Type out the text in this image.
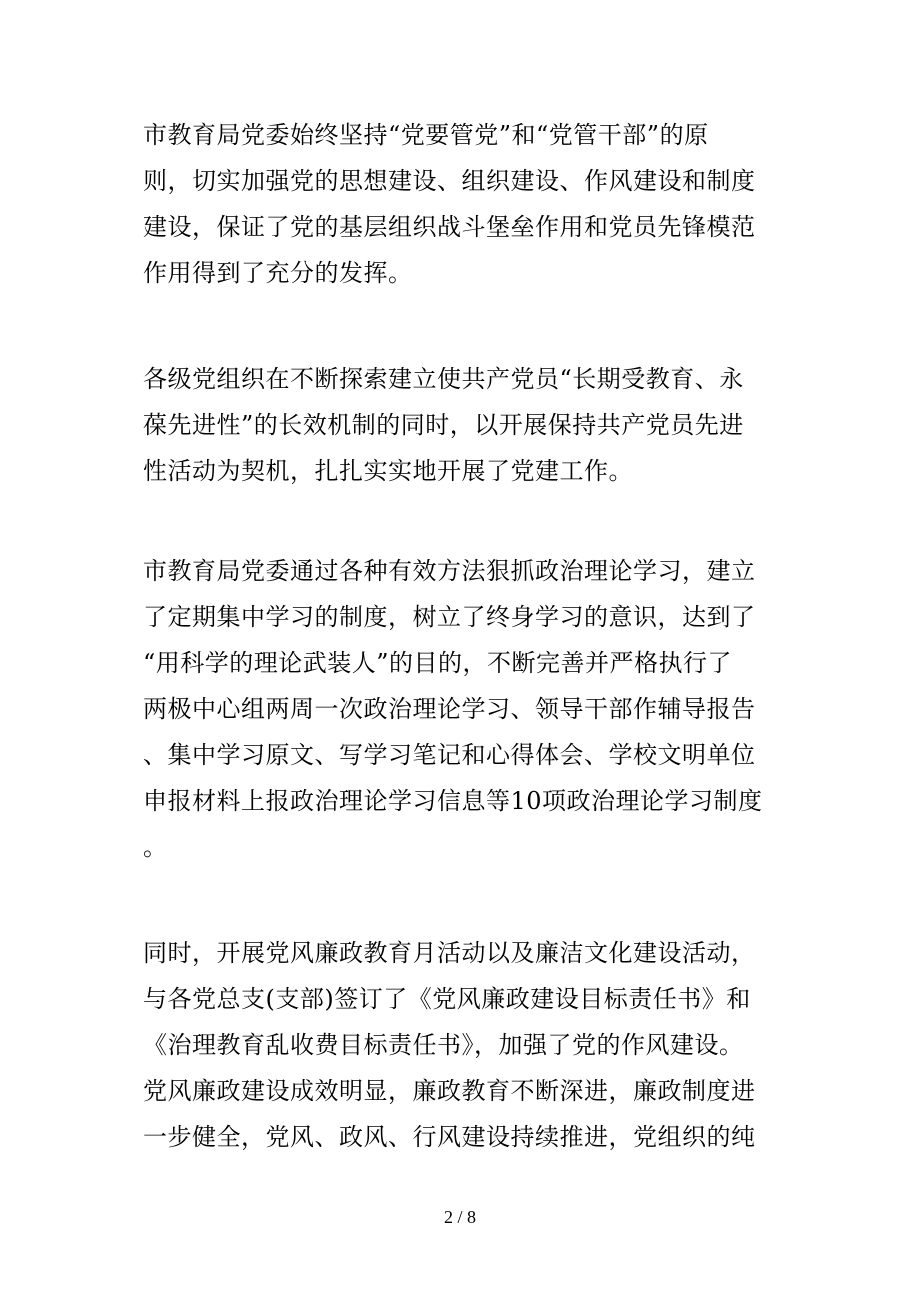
市教育局党委始终坚持“党要管党”和“党管干部”的原
则，切实加强党的思想建设、组织建设、作风建设和制度
建设，保证了党的基层组织战斗堡垒作用和党员先锋模范
作用得到了充分的发挥。
各级党组织在不断探索建立使共产党员“长期受教育、永
葆先进性”的长效机制的同时，以开展保持共产党员先进
性活动为契机，扎扎实实地开展了党建工作。
市教育局党委通过各种有效方法狠抓政治理论学习，建立
了定期集中学习的制度，树立了终身学习的意识，达到了
“用科学的理论武装人”的目的，不断完善并严格执行了
两极中心组两周一次政治理论学习、领导干部作辅导报告
、集中学习原文、写学习笔记和心得体会、学校文明单位
申报材料上报政治理论学习信息等10项政治理论学习制度
。
同时，开展党风廉政教育月活动以及廉洁文化建设活动，
与各党总支(支部)签订了《党风廉政建设目标责任书》和
《治理教育乱收费目标责任书》，加强了党的作风建设。
党风廉政建设成效明显，廉政教育不断深进，廉政制度进
一步健全，党风、政风、行风建设持续推进，党组织的纯
2 / 8
